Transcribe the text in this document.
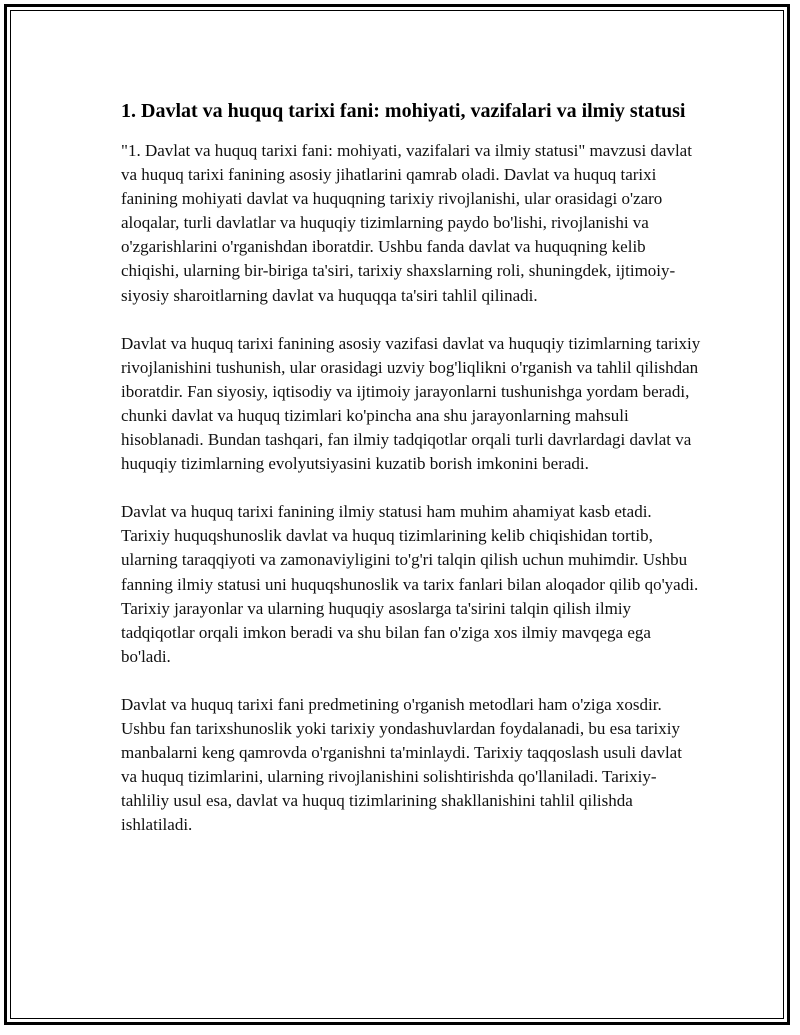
1. Davlat va huquq tarixi fani: mohiyati, vazifalari va ilmiy statusi

"1. Davlat va huquq tarixi fani: mohiyati, vazifalari va ilmiy statusi" mavzusi davlat va huquq tarixi fanining asosiy jihatlarini qamrab oladi. Davlat va huquq tarixi fanining mohiyati davlat va huquqning tarixiy rivojlanishi, ular orasidagi o'zaro aloqalar, turli davlatlar va huquqiy tizimlarning paydo bo'lishi, rivojlanishi va o'zgarishlarini o'rganishdan iboratdir. Ushbu fanda davlat va huquqning kelib chiqishi, ularning bir-biriga ta'siri, tarixiy shaxslarning roli, shuningdek, ijtimoiy-siyosiy sharoitlarning davlat va huquqqa ta'siri tahlil qilinadi.

Davlat va huquq tarixi fanining asosiy vazifasi davlat va huquqiy tizimlarning tarixiy rivojlanishini tushunish, ular orasidagi uzviy bog'liqlikni o'rganish va tahlil qilishdan iboratdir. Fan siyosiy, iqtisodiy va ijtimoiy jarayonlarni tushunishga yordam beradi, chunki davlat va huquq tizimlari ko'pincha ana shu jarayonlarning mahsuli hisoblanadi. Bundan tashqari, fan ilmiy tadqiqotlar orqali turli davrlardagi davlat va huquqiy tizimlarning evolyutsiyasini kuzatib borish imkonini beradi.

Davlat va huquq tarixi fanining ilmiy statusi ham muhim ahamiyat kasb etadi. Tarixiy huquqshunoslik davlat va huquq tizimlarining kelib chiqishidan tortib, ularning taraqqiyoti va zamonaviyligini to'g'ri talqin qilish uchun muhimdir. Ushbu fanning ilmiy statusi uni huquqshunoslik va tarix fanlari bilan aloqador qilib qo'yadi. Tarixiy jarayonlar va ularning huquqiy asoslarga ta'sirini talqin qilish ilmiy tadqiqotlar orqali imkon beradi va shu bilan fan o'ziga xos ilmiy mavqega ega bo'ladi.

Davlat va huquq tarixi fani predmetining o'rganish metodlari ham o'ziga xosdir. Ushbu fan tarixshunoslik yoki tarixiy yondashuvlardan foydalanadi, bu esa tarixiy manbalarni keng qamrovda o'rganishni ta'minlaydi. Tarixiy taqqoslash usuli davlat va huquq tizimlarini, ularning rivojlanishini solishtirishda qo'llaniladi. Tarixiy-tahliliy usul esa, davlat va huquq tizimlarining shakllanishini tahlil qilishda ishlatiladi.
